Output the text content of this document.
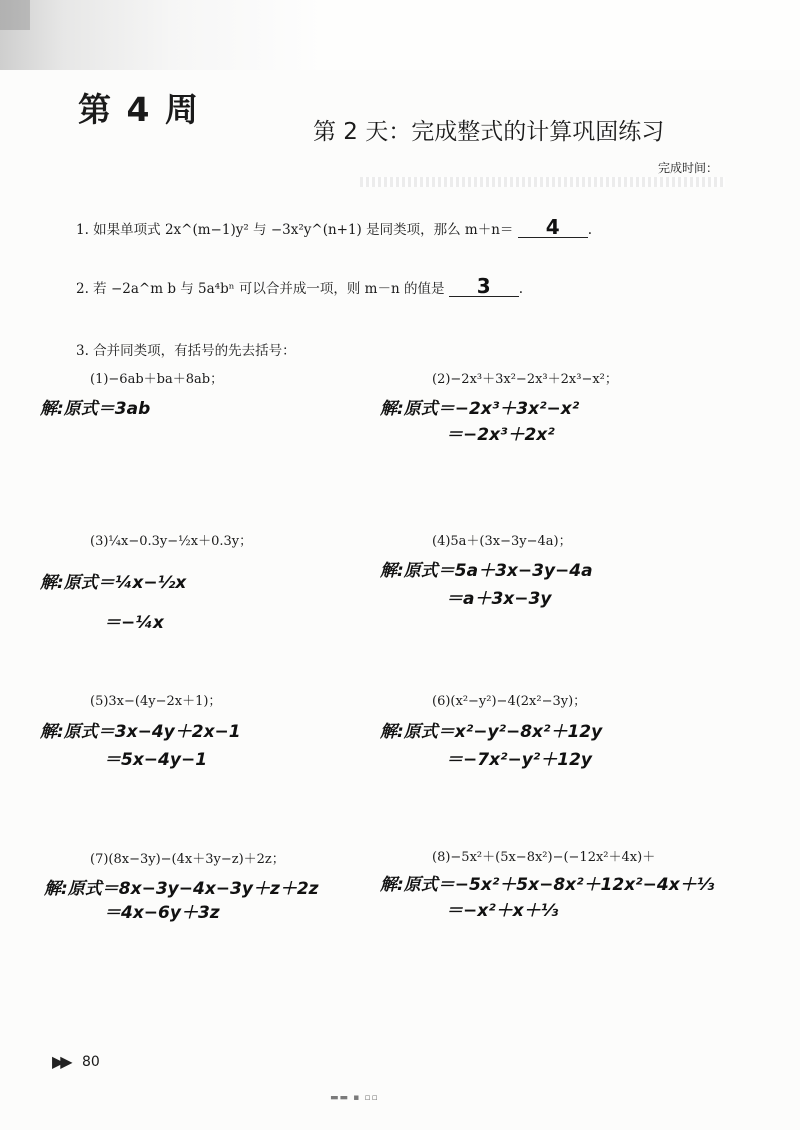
第 4 周
第 2 天：完成整式的计算巩固练习
完成时间：
1. 如果单项式 2x^(m−1)y² 与 −3x²y^(n+1) 是同类项，那么 m＋n＝	4	.
2. 若 −2a^m b 与 5a⁴bⁿ 可以合并成一项，则 m－n 的值是	3	.
3. 合并同类项，有括号的先去括号：
(1)−6ab＋ba＋8ab；
解:原式＝3ab
(2)−2x³＋3x²−2x³＋2x³−x²；
解:原式＝−2x³＋3x²−x²
＝−2x³＋2x²
(3)¼x−0.3y−½x＋0.3y；
解:原式＝¼x−½x
＝−¼x
(4)5a＋(3x−3y−4a)；
解:原式＝5a＋3x−3y−4a
＝a＋3x−3y
(5)3x−(4y−2x＋1)；
解:原式＝3x−4y＋2x−1
＝5x−4y−1
(6)(x²−y²)−4(2x²−3y)；
解:原式＝x²−y²−8x²＋12y
＝−7x²−y²＋12y
(7)(8x−3y)−(4x＋3y−z)＋2z；
解:原式＝8x−3y−4x−3y＋z＋2z
＝4x−6y＋3z
(8)−5x²＋(5x−8x²)−(−12x²＋4x)＋
解:原式＝−5x²＋5x−8x²＋12x²−4x＋⅓
＝−x²＋x＋⅓
▶▶ 80
▬▬ ▪ ▫▫
